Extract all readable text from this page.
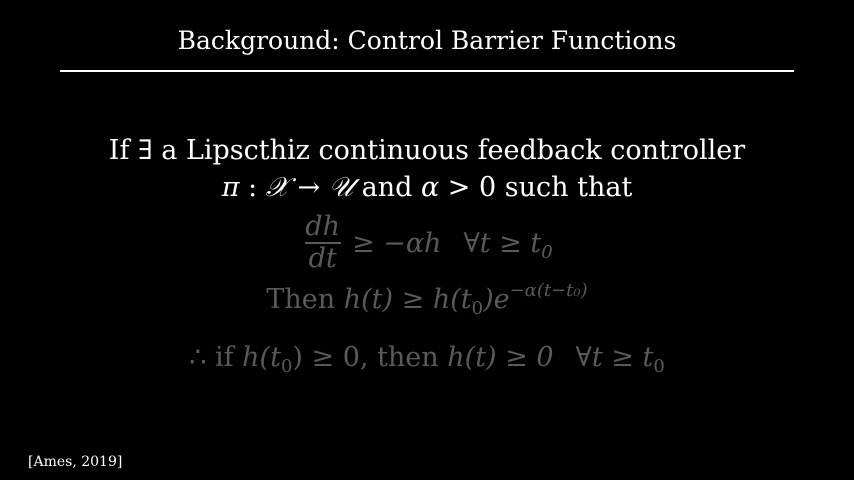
Background: Control Barrier Functions
If ∃ a Lipscthiz continuous feedback controller
π : 𝒳 → 𝒰 and α > 0 such that
$\frac{dh}{dt} \ge -\alpha h$ ∀t ≥ $t_0$
Then $h(t) \ge h(t_0)e^{-\alpha(t-t_0)}$
∴ if $h(t_0) \ge 0$, then h(t) ≥ 0 ∀t ≥ $t_0$
[Ames, 2019]
